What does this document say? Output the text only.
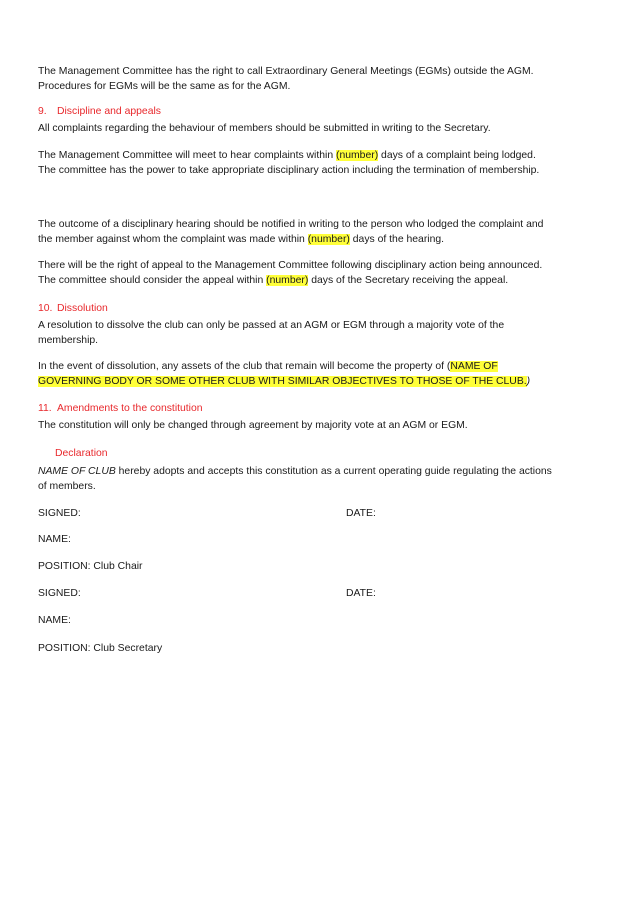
The Management Committee has the right to call Extraordinary General Meetings (EGMs) outside the AGM.
Procedures for EGMs will be the same as for the AGM.

9. Discipline and appeals

All complaints regarding the behaviour of members should be submitted in writing to the Secretary.

The Management Committee will meet to hear complaints within (number) days of a complaint being lodged.
The committee has the power to take appropriate disciplinary action including the termination of membership.

The outcome of a disciplinary hearing should be notified in writing to the person who lodged the complaint and
the member against whom the complaint was made within (number) days of the hearing.

There will be the right of appeal to the Management Committee following disciplinary action being announced.
The committee should consider the appeal within (number) days of the Secretary receiving the appeal.

10. Dissolution

A resolution to dissolve the club can only be passed at an AGM or EGM through a majority vote of the
membership.

In the event of dissolution, any assets of the club that remain will become the property of (NAME OF
GOVERNING BODY OR SOME OTHER CLUB WITH SIMILAR OBJECTIVES TO THOSE OF THE CLUB.)

11. Amendments to the constitution

The constitution will only be changed through agreement by majority vote at an AGM or EGM.

Declaration

NAME OF CLUB hereby adopts and accepts this constitution as a current operating guide regulating the actions
of members.

SIGNED:	DATE:
NAME:
POSITION: Club Chair
SIGNED:	DATE:
NAME:
POSITION: Club Secretary
